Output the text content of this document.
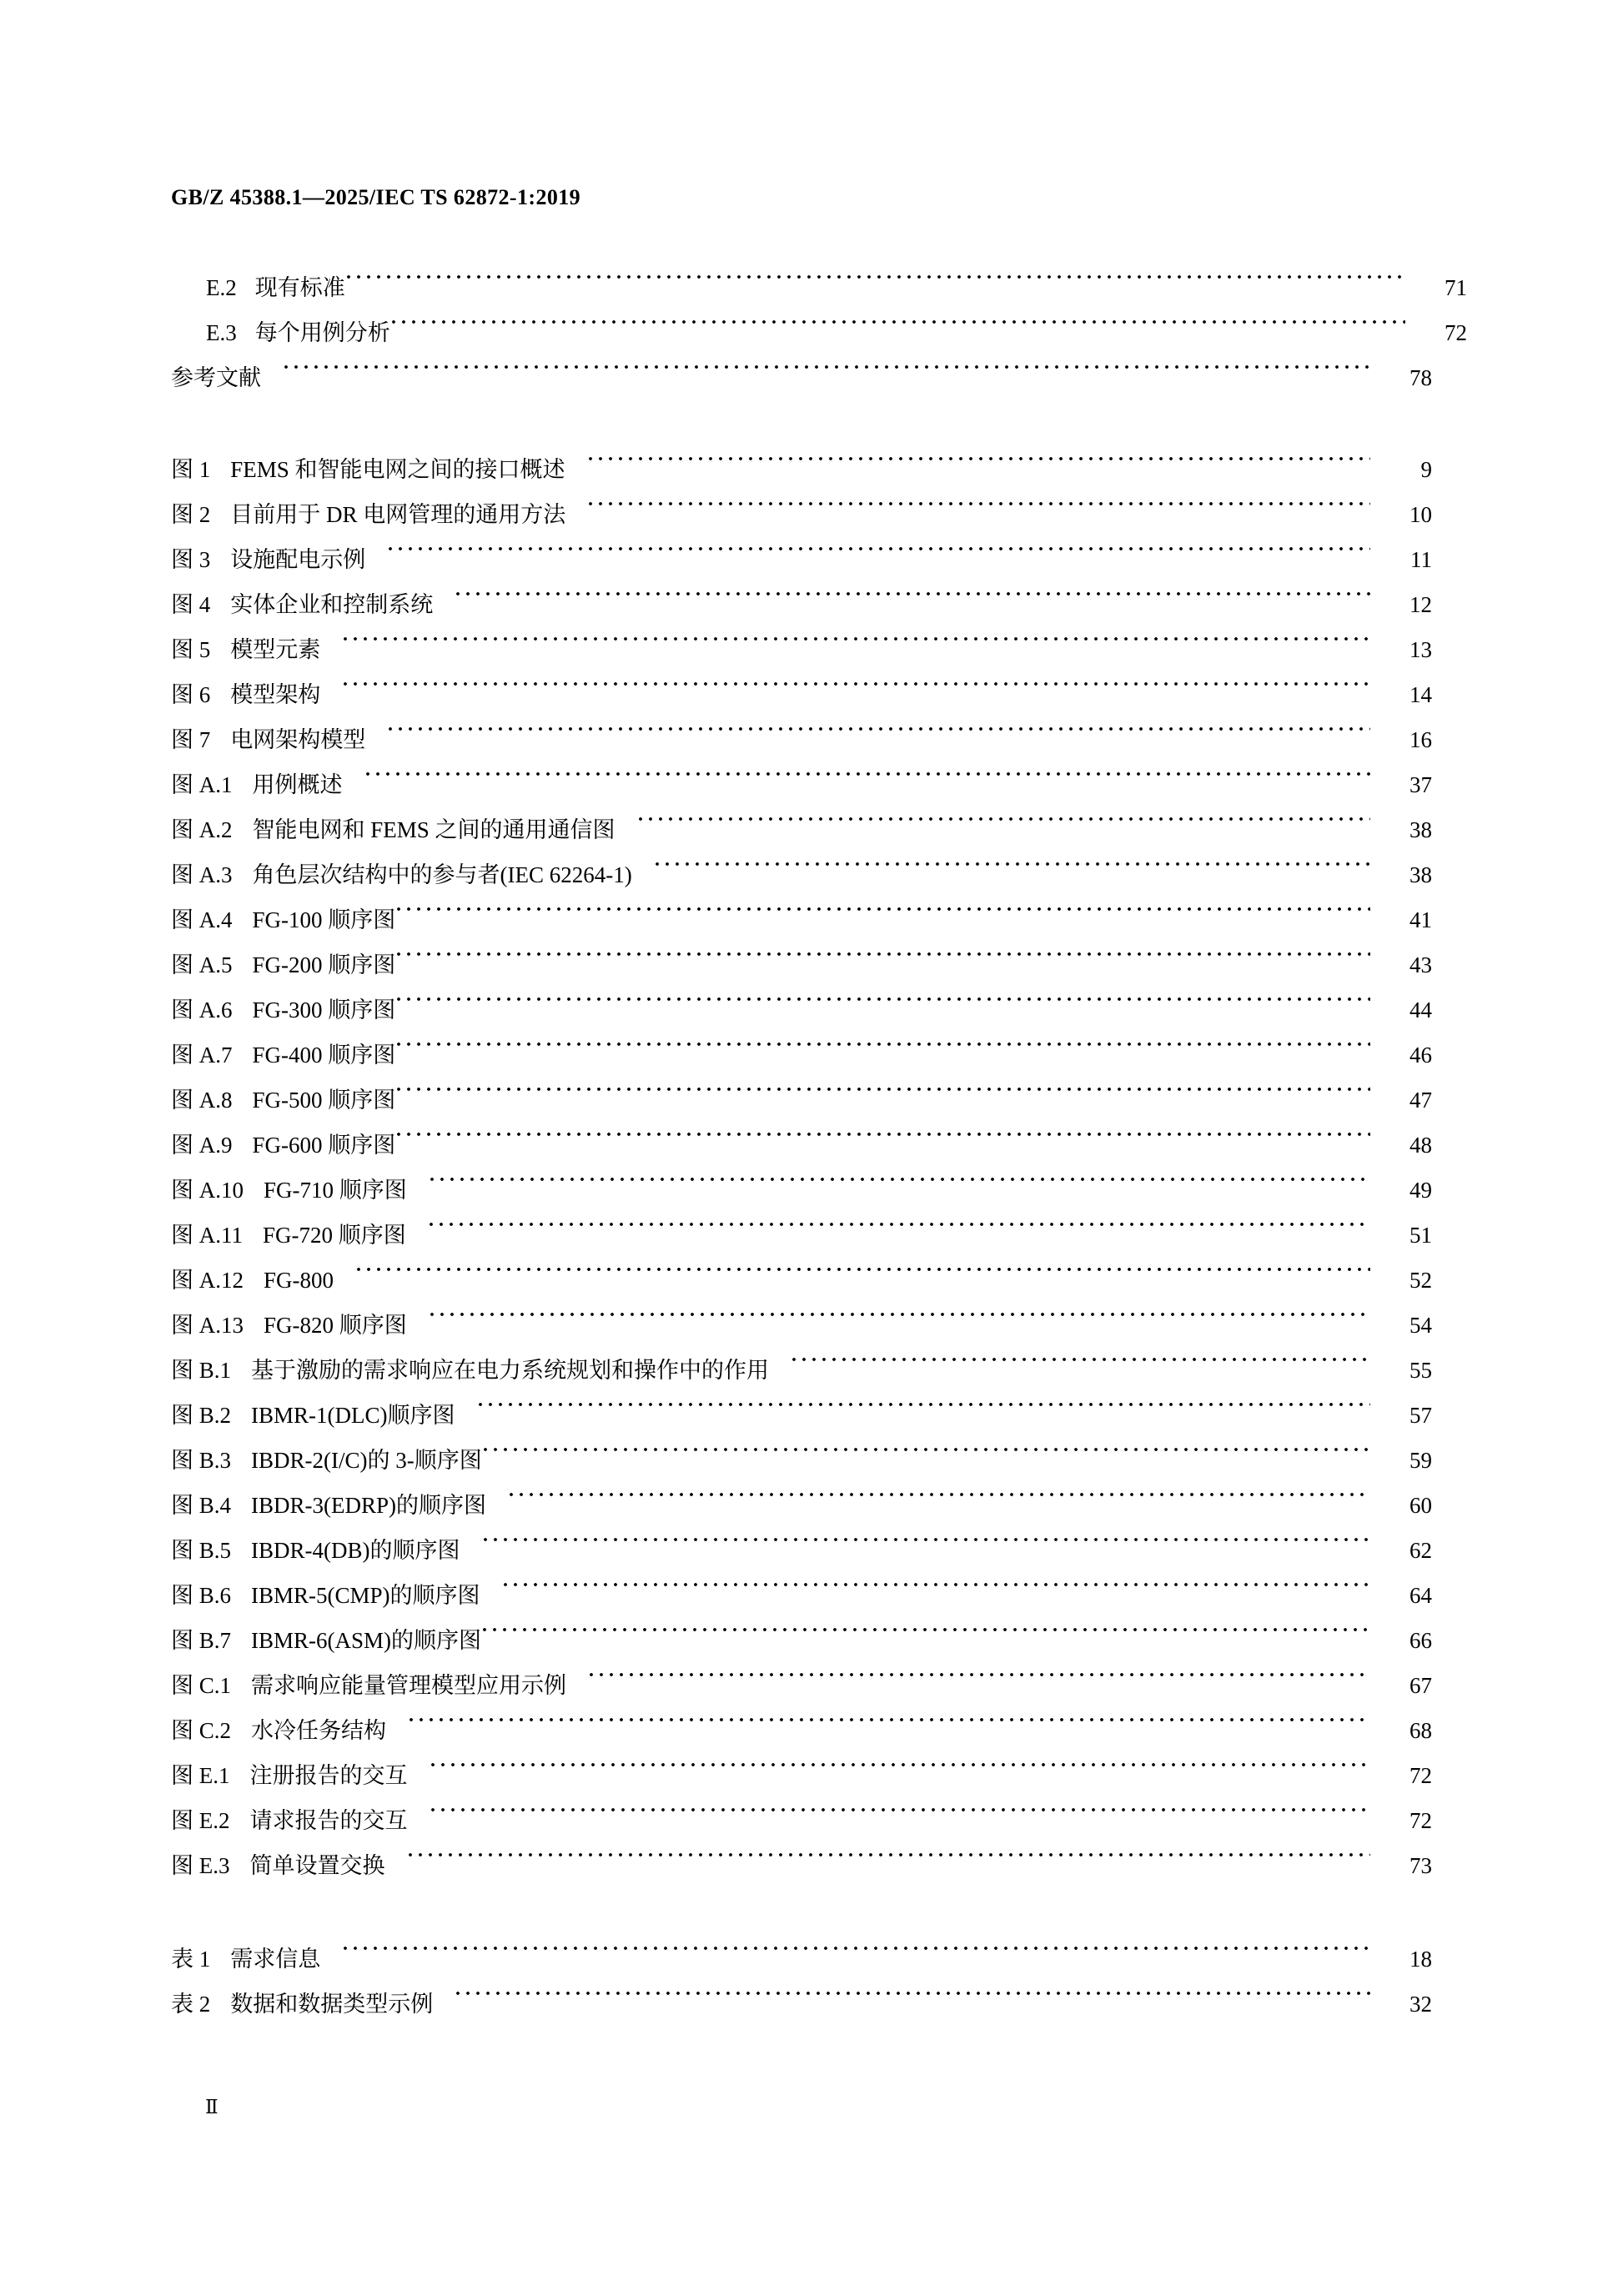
GB/Z 45388.1—2025/IEC TS 62872-1:2019
E.2 现有标准	71
E.3 每个用例分析	72
参考文献	78
图 1 FEMS 和智能电网之间的接口概述	9
图 2 目前用于 DR 电网管理的通用方法	10
图 3 设施配电示例	11
图 4 实体企业和控制系统	12
图 5 模型元素	13
图 6 模型架构	14
图 7 电网架构模型	16
图 A.1 用例概述	37
图 A.2 智能电网和 FEMS 之间的通用通信图	38
图 A.3 角色层次结构中的参与者(IEC 62264-1)	38
图 A.4 FG-100 顺序图	41
图 A.5 FG-200 顺序图	43
图 A.6 FG-300 顺序图	44
图 A.7 FG-400 顺序图	46
图 A.8 FG-500 顺序图	47
图 A.9 FG-600 顺序图	48
图 A.10 FG-710 顺序图	49
图 A.11 FG-720 顺序图	51
图 A.12 FG-800	52
图 A.13 FG-820 顺序图	54
图 B.1 基于激励的需求响应在电力系统规划和操作中的作用	55
图 B.2 IBMR-1(DLC)顺序图	57
图 B.3 IBDR-2(I/C)的 3-顺序图	59
图 B.4 IBDR-3(EDRP)的顺序图	60
图 B.5 IBDR-4(DB)的顺序图	62
图 B.6 IBMR-5(CMP)的顺序图	64
图 B.7 IBMR-6(ASM)的顺序图	66
图 C.1 需求响应能量管理模型应用示例	67
图 C.2 水冷任务结构	68
图 E.1 注册报告的交互	72
图 E.2 请求报告的交互	72
图 E.3 简单设置交换	73
表 1 需求信息	18
表 2 数据和数据类型示例	32
Ⅱ
